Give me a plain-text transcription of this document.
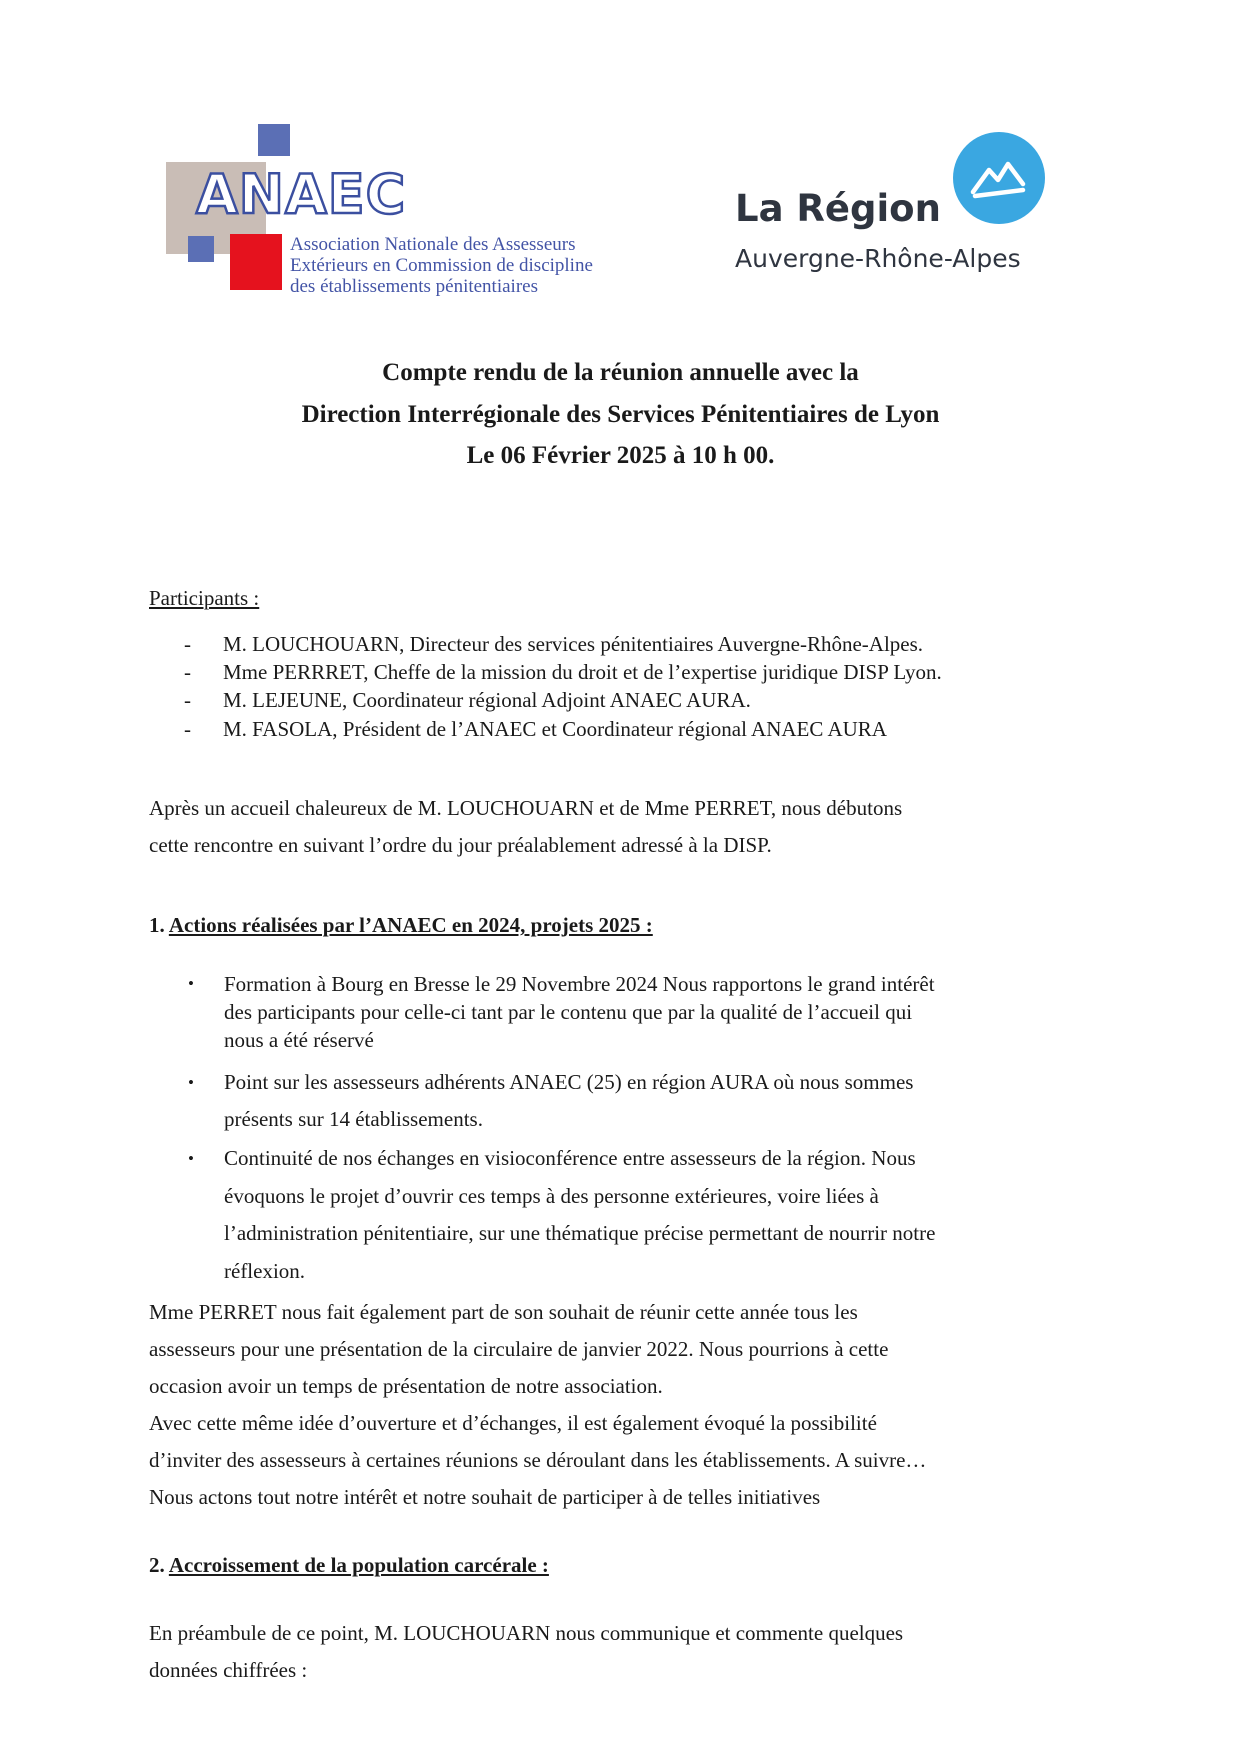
ANAEC
Association Nationale des Assesseurs
Extérieurs en Commission de discipline
des établissements pénitentiaires
La Région
Auvergne-Rhône-Alpes
Compte rendu de la réunion annuelle avec la
Direction Interrégionale des Services Pénitentiaires de Lyon
Le 06 Février 2025 à 10 h 00.
Participants :
- M. LOUCHOUARN, Directeur des services pénitentiaires Auvergne-Rhône-Alpes.
- Mme PERRRET, Cheffe de la mission du droit et de l’expertise juridique DISP Lyon.
- M. LEJEUNE, Coordinateur régional Adjoint ANAEC AURA.
- M. FASOLA, Président de l’ANAEC et Coordinateur régional ANAEC AURA
Après un accueil chaleureux de M. LOUCHOUARN et de Mme PERRET, nous débutons
cette rencontre en suivant l’ordre du jour préalablement adressé à la DISP.
1. Actions réalisées par l’ANAEC en 2024, projets 2025 :
• Formation à Bourg en Bresse le 29 Novembre 2024 Nous rapportons le grand intérêt
des participants pour celle-ci tant par le contenu que par la qualité de l’accueil qui
nous a été réservé
• Point sur les assesseurs adhérents ANAEC (25) en région AURA où nous sommes
présents sur 14 établissements.
• Continuité de nos échanges en visioconférence entre assesseurs de la région. Nous
évoquons le projet d’ouvrir ces temps à des personne extérieures, voire liées à
l’administration pénitentiaire, sur une thématique précise permettant de nourrir notre
réflexion.
Mme PERRET nous fait également part de son souhait de réunir cette année tous les
assesseurs pour une présentation de la circulaire de janvier 2022. Nous pourrions à cette
occasion avoir un temps de présentation de notre association.
Avec cette même idée d’ouverture et d’échanges, il est également évoqué la possibilité
d’inviter des assesseurs à certaines réunions se déroulant dans les établissements. A suivre…
Nous actons tout notre intérêt et notre souhait de participer à de telles initiatives
2. Accroissement de la population carcérale :
En préambule de ce point, M. LOUCHOUARN nous communique et commente quelques
données chiffrées :
